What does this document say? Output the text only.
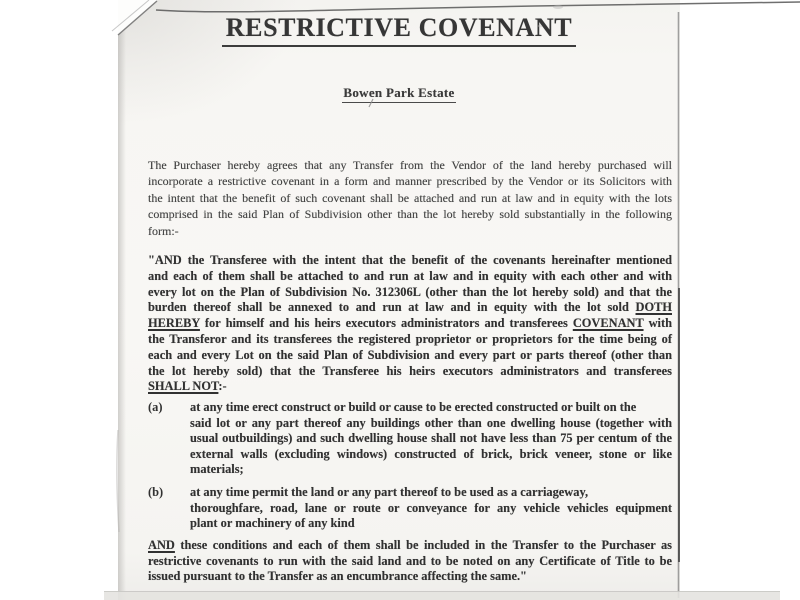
RESTRICTIVE COVENANT
Bowen Park Estate
The Purchaser hereby agrees that any Transfer from the Vendor of the land hereby purchased will
incorporate a restrictive covenant in a form and manner prescribed by the Vendor or its Solicitors with
the intent that the benefit of such covenant shall be attached and run at law and in equity with the lots
comprised in the said Plan of Subdivision other than the lot hereby sold substantially in the following
form:-
"AND the Transferee with the intent that the benefit of the covenants hereinafter mentioned
and each of them shall be attached to and run at law and in equity with each other and with
every lot on the Plan of Subdivision No. 312306L (other than the lot hereby sold) and that the
burden thereof shall be annexed to and run at law and in equity with the lot sold DOTH
HEREBY for himself and his heirs executors administrators and transferees COVENANT with
the Transferor and its transferees the registered proprietor or proprietors for the time being of
each and every Lot on the said Plan of Subdivision and every part or parts thereof (other than
the lot hereby sold) that the Transferee his heirs executors administrators and transferees
SHALL NOT:-
(a) at any time erect construct or build or cause to be erected constructed or built on the
said lot or any part thereof any buildings other than one dwelling house (together with
usual outbuildings) and such dwelling house shall not have less than 75 per centum of the
external walls (excluding windows) constructed of brick, brick veneer, stone or like
materials;
(b) at any time permit the land or any part thereof to be used as a carriageway,
thoroughfare, road, lane or route or conveyance for any vehicle vehicles equipment
plant or machinery of any kind
AND these conditions and each of them shall be included in the Transfer to the Purchaser as
restrictive covenants to run with the said land and to be noted on any Certificate of Title to be
issued pursuant to the Transfer as an encumbrance affecting the same."
